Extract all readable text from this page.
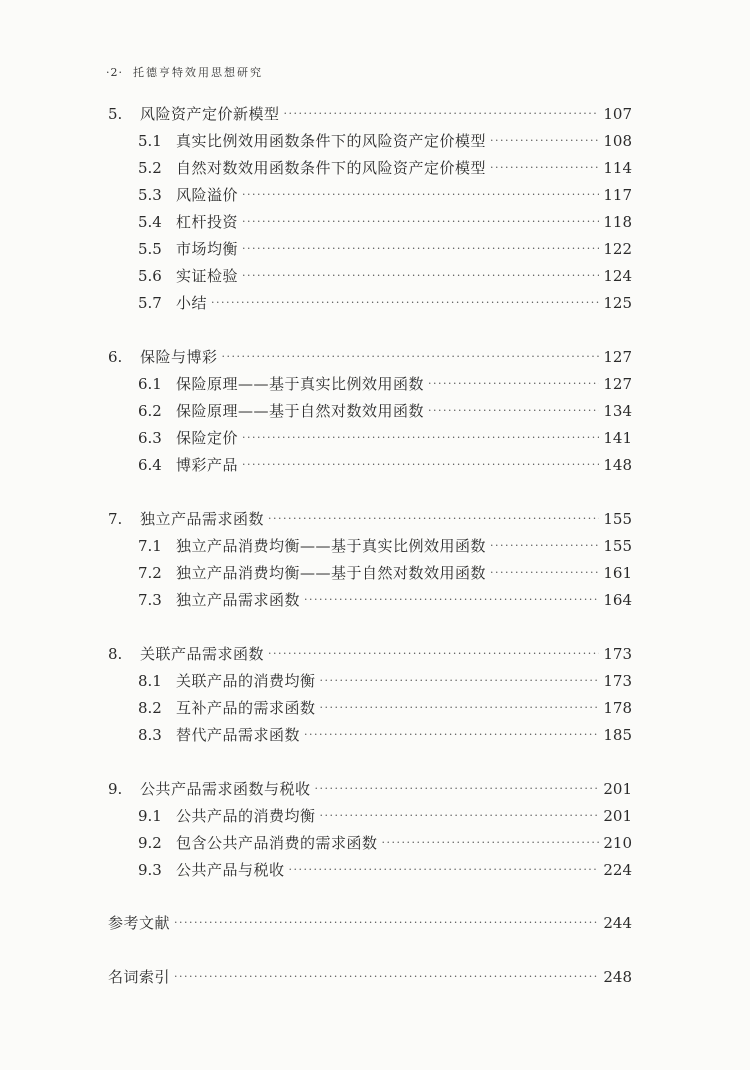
·2· 托德亨特效用思想研究
5.	风险资产定价新模型 ·····	107
5.1 真实比例效用函数条件下的风险资产定价模型 ·····	108
5.2 自然对数效用函数条件下的风险资产定价模型 ·····	114
5.3 风险溢价 ·····	117
5.4 杠杆投资 ·····	118
5.5 市场均衡 ·····	122
5.6 实证检验 ·····	124
5.7 小结 ·····	125
6.	保险与博彩 ·····	127
6.1 保险原理——基于真实比例效用函数 ·····	127
6.2 保险原理——基于自然对数效用函数 ·····	134
6.3 保险定价 ·····	141
6.4 博彩产品 ·····	148
7.	独立产品需求函数 ·····	155
7.1 独立产品消费均衡——基于真实比例效用函数 ·····	155
7.2 独立产品消费均衡——基于自然对数效用函数 ·····	161
7.3 独立产品需求函数 ·····	164
8.	关联产品需求函数 ·····	173
8.1 关联产品的消费均衡 ·····	173
8.2 互补产品的需求函数 ·····	178
8.3 替代产品需求函数 ·····	185
9.	公共产品需求函数与税收 ·····	201
9.1 公共产品的消费均衡 ·····	201
9.2 包含公共产品消费的需求函数 ·····	210
9.3 公共产品与税收 ·····	224
参考文献 ·····	244
名词索引 ·····	248
